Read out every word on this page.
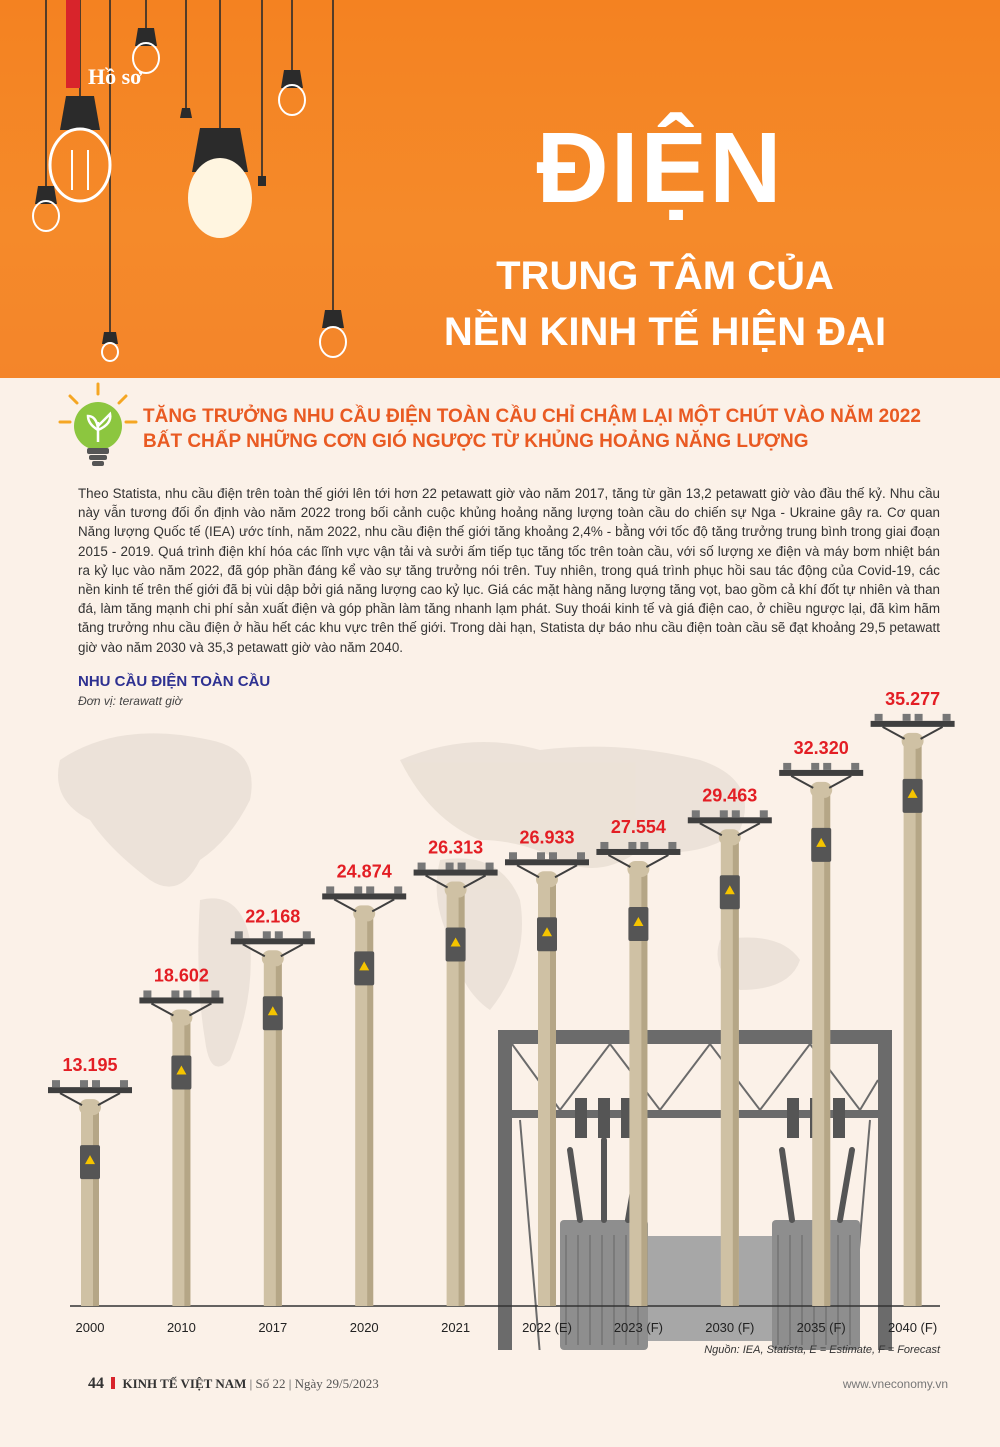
Hồ sơ
ĐIỆN
TRUNG TÂM CỦA
NỀN KINH TẾ HIỆN ĐẠI
TĂNG TRƯỞNG NHU CẦU ĐIỆN TOÀN CẦU CHỈ CHẬM LẠI MỘT CHÚT VÀO NĂM 2022
BẤT CHẤP NHỮNG CƠN GIÓ NGƯỢC TỪ KHỦNG HOẢNG NĂNG LƯỢNG
Theo Statista, nhu cầu điện trên toàn thế giới lên tới hơn 22 petawatt giờ vào năm 2017, tăng từ gần 13,2 petawatt giờ vào đầu thế kỷ. Nhu cầu này vẫn tương đối ổn định vào năm 2022 trong bối cảnh cuộc khủng hoảng năng lượng toàn cầu do chiến sự Nga - Ukraine gây ra. Cơ quan Năng lượng Quốc tế (IEA) ước tính, năm 2022, nhu cầu điện thế giới tăng khoảng 2,4% - bằng với tốc độ tăng trưởng trung bình trong giai đoạn 2015 - 2019. Quá trình điện khí hóa các lĩnh vực vận tải và sưởi ấm tiếp tục tăng tốc trên toàn cầu, với số lượng xe điện và máy bơm nhiệt bán ra kỷ lục vào năm 2022, đã góp phần đáng kể vào sự tăng trưởng nói trên. Tuy nhiên, trong quá trình phục hồi sau tác động của Covid-19, các nền kinh tế trên thế giới đã bị vùi dập bởi giá năng lượng cao kỷ lục. Giá các mặt hàng năng lượng tăng vọt, bao gồm cả khí đốt tự nhiên và than đá, làm tăng mạnh chi phí sản xuất điện và góp phần làm tăng nhanh lạm phát. Suy thoái kinh tế và giá điện cao, ở chiều ngược lại, đã kìm hãm tăng trưởng nhu cầu điện ở hầu hết các khu vực trên thế giới. Trong dài hạn, Statista dự báo nhu cầu điện toàn cầu sẽ đạt khoảng 29,5 petawatt giờ vào năm 2030 và 35,3 petawatt giờ vào năm 2040.
2000	2010	2017	2020	2021	2022 (E)	2023 (F)	2030 (F)	2035 (F)	2040 (F)
13.195
18.602
22.168
24.874
26.313
26.933
27.554
29.463
32.320
35.277
NHU CẦU ĐIỆN TOÀN CẦU
Đơn vị: terawatt giờ
Nguồn: IEA, Statista, E = Estimate, F = Forecast
44 KINH TẾ VIỆT NAM | Số 22 | Ngày 29/5/2023	www.vneconomy.vn
